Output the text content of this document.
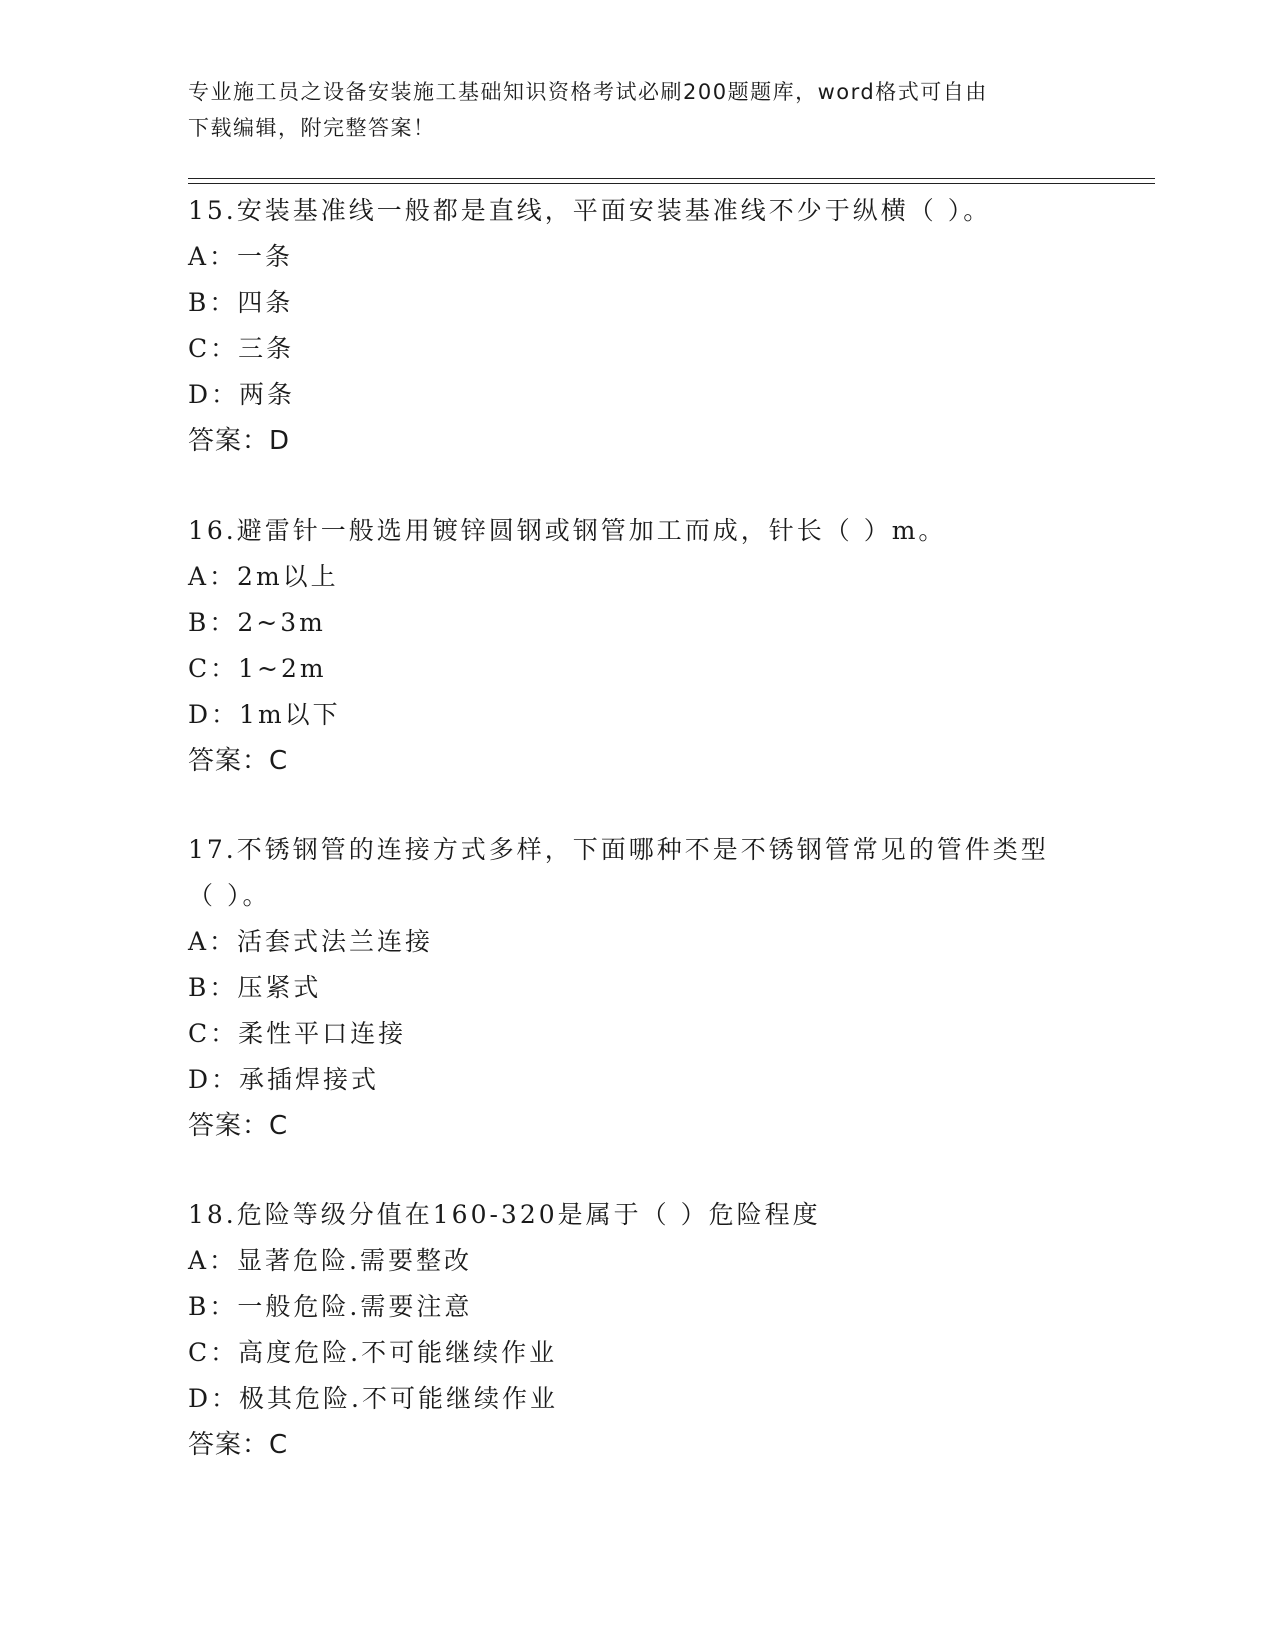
专业施工员之设备安装施工基础知识资格考试必刷200题题库，word格式可自由
下载编辑，附完整答案！
15.安装基准线一般都是直线，平面安装基准线不少于纵横（ ）。
A：一条
B：四条
C：三条
D：两条
答案：D
16.避雷针一般选用镀锌圆钢或钢管加工而成，针长（ ）m。
A：2m以上
B：2~3m
C：1~2m
D：1m以下
答案：C
17.不锈钢管的连接方式多样，下面哪种不是不锈钢管常见的管件类型
（ ）。
A：活套式法兰连接
B：压紧式
C：柔性平口连接
D：承插焊接式
答案：C
18.危险等级分值在160-320是属于（ ）危险程度
A：显著危险.需要整改
B：一般危险.需要注意
C：高度危险.不可能继续作业
D：极其危险.不可能继续作业
答案：C
